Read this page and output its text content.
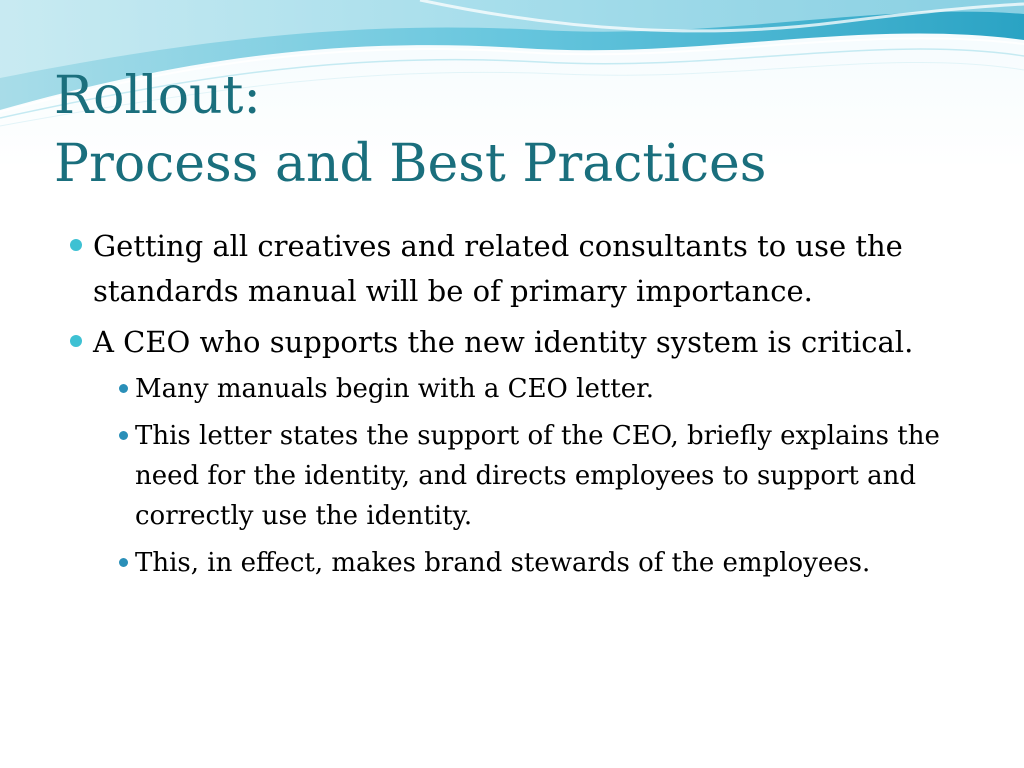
Rollout:
Process and Best Practices
Getting all creatives and related consultants to use the standards manual will be of primary importance.
A CEO who supports the new identity system is critical.
Many manuals begin with a CEO letter.
This letter states the support of the CEO, briefly explains the need for the identity, and directs employees to support and correctly use the identity.
This, in effect, makes brand stewards of the employees.
